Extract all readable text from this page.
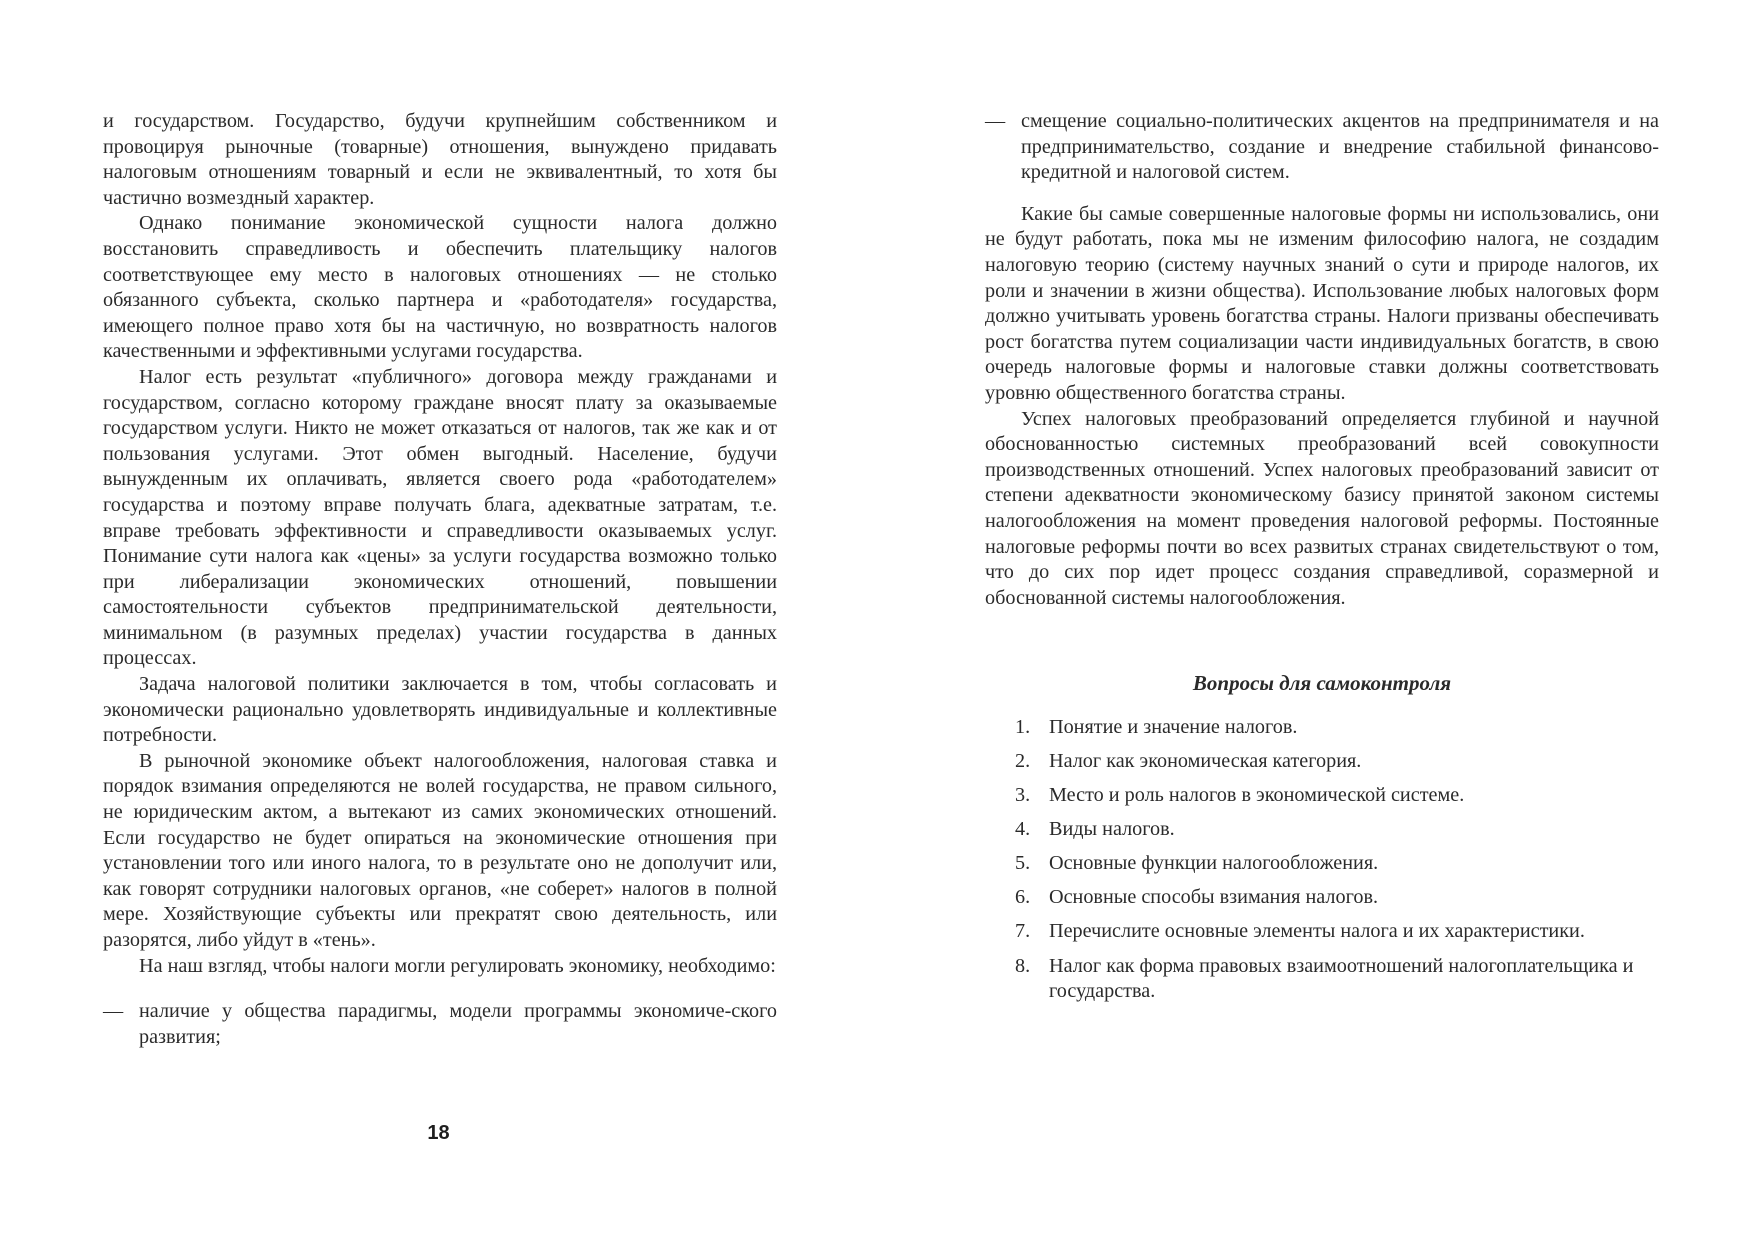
и государством. Государство, будучи крупнейшим собственником и провоцируя рыночные (товарные) отношения, вынуждено придавать налоговым отношениям товарный и если не эквивалентный, то хотя бы частично возмездный характер.

Однако понимание экономической сущности налога должно восстановить справедливость и обеспечить плательщику налогов соответствующее ему место в налоговых отношениях — не столько обязанного субъекта, сколько партнера и «работодателя» государства, имеющего полное право хотя бы на частичную, но возвратность налогов качественными и эффективными услугами государства.

Налог есть результат «публичного» договора между гражданами и государством, согласно которому граждане вносят плату за оказываемые государством услуги. Никто не может отказаться от налогов, так же как и от пользования услугами. Этот обмен выгодный. Население, будучи вынужденным их оплачивать, является своего рода «работодателем» государства и поэтому вправе получать блага, адекватные затратам, т.е. вправе требовать эффективности и справедливости оказываемых услуг. Понимание сути налога как «цены» за услуги государства возможно только при либерализации экономических отношений, повышении самостоятельности субъектов предпринимательской деятельности, минимальном (в разумных пределах) участии государства в данных процессах.

Задача налоговой политики заключается в том, чтобы согласовать и экономически рационально удовлетворять индивидуальные и коллективные потребности.

В рыночной экономике объект налогообложения, налоговая ставка и порядок взимания определяются не волей государства, не правом сильного, не юридическим актом, а вытекают из самих экономических отношений. Если государство не будет опираться на экономические отношения при установлении того или иного налога, то в результате оно не дополучит или, как говорят сотрудники налоговых органов, «не соберет» налогов в полной мере. Хозяйствующие субъекты или прекратят свою деятельность, или разорятся, либо уйдут в «тень».

На наш взгляд, чтобы налоги могли регулировать экономику, необходимо:

— наличие у общества парадигмы, модели программы экономиче-ского развития;
18
— смещение социально-политических акцентов на предпринимателя и на предпринимательство, создание и внедрение стабильной финансово-кредитной и налоговой систем.

Какие бы самые совершенные налоговые формы ни использовались, они не будут работать, пока мы не изменим философию налога, не создадим налоговую теорию (систему научных знаний о сути и природе налогов, их роли и значении в жизни общества). Использование любых налоговых форм должно учитывать уровень богатства страны. Налоги призваны обеспечивать рост богатства путем социализации части индивидуальных богатств, в свою очередь налоговые формы и налоговые ставки должны соответствовать уровню общественного богатства страны.

Успех налоговых преобразований определяется глубиной и научной обоснованностью системных преобразований всей совокупности производственных отношений. Успех налоговых преобразований зависит от степени адекватности экономическому базису принятой законом системы налогообложения на момент проведения налоговой реформы. Постоянные налоговые реформы почти во всех развитых странах свидетельствуют о том, что до сих пор идет процесс создания справедливой, соразмерной и обоснованной системы налогообложения.

Вопросы для самоконтроля
1. Понятие и значение налогов.
2. Налог как экономическая категория.
3. Место и роль налогов в экономической системе.
4. Виды налогов.
5. Основные функции налогообложения.
6. Основные способы взимания налогов.
7. Перечислите основные элементы налога и их характеристики.
8. Налог как форма правовых взаимоотношений налогоплательщика и государства.
